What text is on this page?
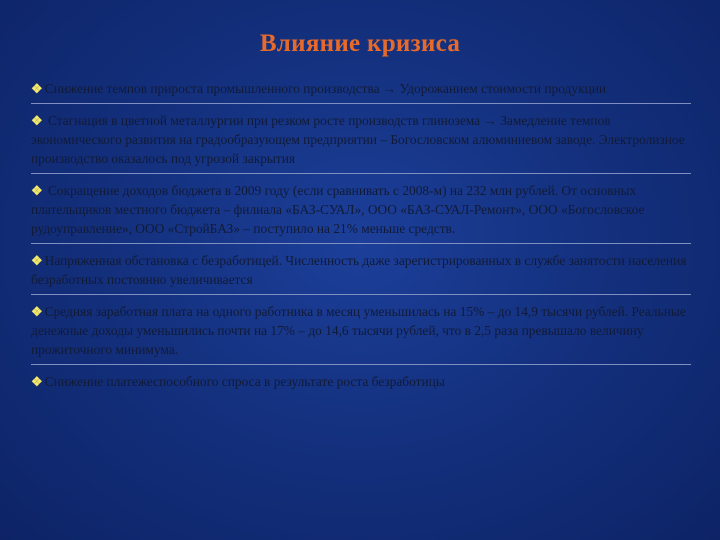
Влияние кризиса
❖ Снижение темпов прироста промышленного производства → Удорожанием стоимости продукции
❖ Стагнация в цветной металлургии при резком росте производств глинозема → Замедление темпов экономического развития на градообразующем предприятии – Богословском алюминиевом заводе. Электролизное производство оказалось под угрозой закрытия
❖ Сокращение доходов бюджета в 2009 году (если сравнивать с 2008-м) на 232 млн рублей. От основных плательщиков местного бюджета – филиала «БАЗ-СУАЛ», ООО «БАЗ-СУАЛ-Ремонт», ООО «Богословское рудоуправление», ООО «СтройБАЗ» – поступило на 21% меньше средств.
❖ Напряженная обстановка с безработицей. Численность даже зарегистрированных в службе занятости населения безработных постоянно увеличивается
❖ Средняя заработная плата на одного работника в месяц уменьшилась на 15% – до 14,9 тысячи рублей. Реальные денежные доходы уменьшились почти на 17% – до 14,6 тысячи рублей, что в 2,5 раза превышало величину прожиточного минимума.
❖ Снижение платежеспособного спроса в результате роста безработицы
